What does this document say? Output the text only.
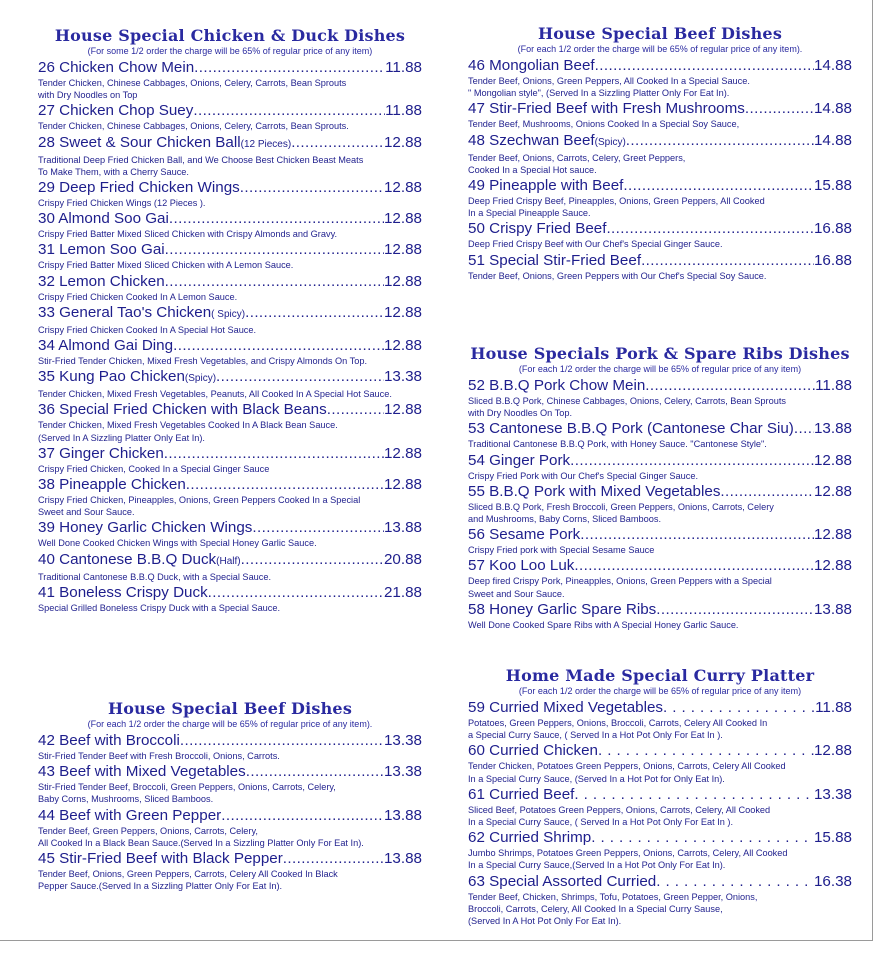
House Special Chicken & Duck Dishes
(For some 1/2 order the charge will be 65% of regular price of any item)
26 Chicken Chow Mein .....	11.88
Tender Chicken, Chinese Cabbages, Onions, Celery, Carrots, Bean Sprouts
with Dry Noodles on Top
27 Chicken Chop Suey .....	11.88
Tender Chicken, Chinese Cabbages, Onions, Celery, Carrots, Bean Sprouts.
28 Sweet & Sour Chicken Ball (12 Pieces) .....	12.88
Traditional Deep Fried Chicken Ball, and We Choose Best Chicken Beast Meats
To Make Them, with a Cherry Sauce.
29 Deep Fried Chicken Wings .....	12.88
Crispy Fried Chicken Wings (12 Pieces ).
30 Almond Soo Gai .....	12.88
Crispy Fried Batter Mixed Sliced Chicken with Crispy Almonds and Gravy.
31 Lemon Soo Gai .....	12.88
Crispy Fried Batter Mixed Sliced Chicken with A Lemon Sauce.
32 Lemon Chicken .....	12.88
Crispy Fried Chicken Cooked In A Lemon Sauce.
33 General Tao's Chicken ( Spicy) .....	12.88
Crispy Fried Chicken Cooked In A Special Hot Sauce.
34 Almond Gai Ding .....	12.88
Stir-Fried Tender Chicken, Mixed Fresh Vegetables, and Crispy Almonds On Top.
35 Kung Pao Chicken (Spicy) .....	13.38
Tender Chicken, Mixed Fresh Vegetables, Peanuts, All Cooked In A Special Hot Sauce.
36 Special Fried Chicken with Black Beans .....	12.88
Tender Chicken, Mixed Fresh Vegetables Cooked In A Black Bean Sauce.
(Served In A Sizzling Platter Only Eat In).
37 Ginger Chicken .....	12.88
Crispy Fried Chicken, Cooked In a Special Ginger Sauce
38 Pineapple Chicken .....	12.88
Crispy Fried Chicken, Pineapples, Onions, Green Peppers Cooked In a Special
Sweet and Sour Sauce.
39 Honey Garlic Chicken Wings .....	13.88
Well Done Cooked Chicken Wings with Special Honey Garlic Sauce.
40 Cantonese B.B.Q Duck (Half) .....	20.88
Traditional Cantonese B.B.Q Duck, with a Special Sauce.
41 Boneless Crispy Duck .....	21.88
Special Grilled Boneless Crispy Duck with a Special Sauce.
House Special Beef Dishes
(For each 1/2 order the charge will be 65% of regular price of any item).
42 Beef with Broccoli .....	13.38
Stir-Fried Tender Beef with Fresh Broccoli, Onions, Carrots.
43 Beef with Mixed Vegetables .....	13.38
Stir-Fried Tender Beef, Broccoli, Green Peppers, Onions, Carrots, Celery,
Baby Corns, Mushrooms, Sliced Bamboos.
44 Beef with Green Pepper .....	13.88
Tender Beef, Green Peppers, Onions, Carrots, Celery,
All Cooked In a Black Bean Sauce.(Served In a Sizzling Platter Only For Eat In).
45 Stir-Fried Beef with Black Pepper .....	13.88
Tender Beef, Onions, Green Peppers, Carrots, Celery All Cooked In Black
Pepper Sauce.(Served In a Sizzling Platter Only For Eat In).
House Special Beef Dishes
(For each 1/2 order the charge will be 65% of regular price of any item).
46 Mongolian Beef .....	14.88
Tender Beef, Onions, Green Peppers, All Cooked In a Special Sauce.
" Mongolian style", (Served In a Sizzling Platter Only For Eat In).
47 Stir-Fried Beef with Fresh Mushrooms .....	14.88
Tender Beef, Mushrooms, Onions Cooked In a Special Soy Sauce,
48 Szechwan Beef (Spicy) .....	14.88
Tender Beef, Onions, Carrots, Celery, Greet Peppers,
Cooked In a Special Hot sauce.
49 Pineapple with Beef .....	15.88
Deep Fried Crispy Beef, Pineapples, Onions, Green Peppers, All Cooked
In a Special Pineapple Sauce.
50 Crispy Fried Beef .....	16.88
Deep Fried Crispy Beef with Our Chef's Special Ginger Sauce.
51 Special Stir-Fried Beef .....	16.88
Tender Beef, Onions, Green Peppers with Our Chef's Special Soy Sauce.
House Specials Pork & Spare Ribs Dishes
(For each 1/2 order the charge will be 65% of regular price of any item)
52 B.B.Q Pork Chow Mein .....	11.88
Sliced B.B.Q Pork, Chinese Cabbages, Onions, Celery, Carrots, Bean Sprouts
with Dry Noodles On Top.
53 Cantonese B.B.Q Pork (Cantonese Char Siu) ..... 13.88
Traditional Cantonese B.B.Q Pork, with Honey Sauce. "Cantonese Style".
54 Ginger Pork .....	12.88
Crispy Fried Pork with Our Chef's Special Ginger Sauce.
55 B.B.Q Pork with Mixed Vegetables .....	12.88
Sliced B.B.Q Pork, Fresh Broccoli, Green Peppers, Onions, Carrots, Celery
and Mushrooms, Baby Corns, Sliced Bamboos.
56 Sesame Pork .....	12.88
Crispy Fried pork with Special Sesame Sauce
57 Koo Loo Luk .....	12.88
Deep fired Crispy Pork, Pineapples, Onions, Green Peppers with a Special
Sweet and Sour Sauce.
58 Honey Garlic Spare Ribs .....	13.88
Well Done Cooked Spare Ribs with A Special Honey Garlic Sauce.
Home Made Special Curry Platter
(For each 1/2 order the charge will be 65% of regular price of any item)
59 Curried Mixed Vegetables . . .	11.88
Potatoes, Green Peppers, Onions, Broccoli, Carrots, Celery All Cooked In
a Special Curry Sauce, ( Served In a Hot Pot Only For Eat In ).
60 Curried Chicken . . .	12.88
Tender Chicken, Potatoes Green Peppers, Onions, Carrots, Celery All Cooked
In a Special Curry Sauce, (Served In a Hot Pot for Only Eat In).
61 Curried Beef . . .	13.38
Sliced Beef, Potatoes Green Peppers, Onions, Carrots, Celery, All Cooked
In a Special Curry Sauce, ( Served In a Hot Pot Only For Eat In ).
62 Curried Shrimp . . .	15.88
Jumbo Shrimps, Potatoes Green Peppers, Onions, Carrots, Celery, All Cooked
In a Special Curry Sauce,(Served In a Hot Pot Only For Eat In).
63 Special Assorted Curried . . .	16.38
Tender Beef, Chicken, Shrimps, Tofu, Potatoes, Green Pepper, Onions,
Broccoli, Carrots, Celery, All Cooked In a Special Curry Sause,
(Served In A Hot Pot Only For Eat In).
